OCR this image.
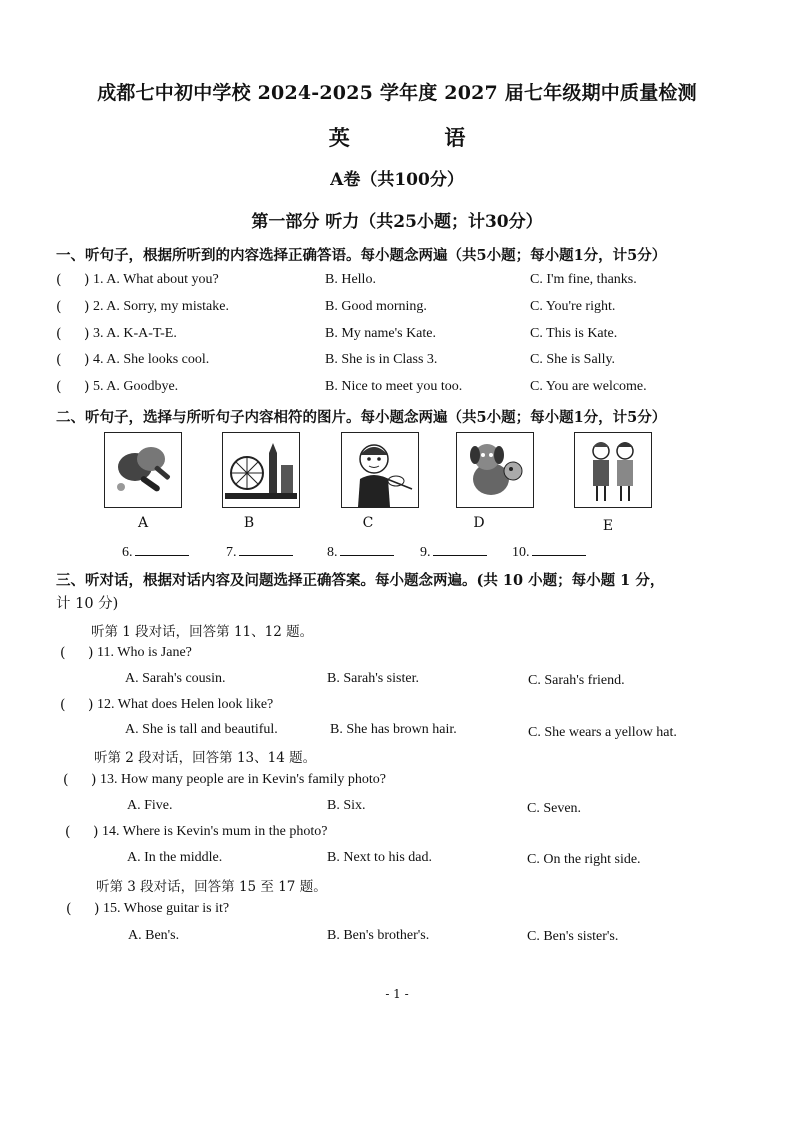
成都七中初中学校 2024-2025 学年度 2027 届七年级期中质量检测
英	语
A卷（共100分）
第一部分 听力（共25小题；计30分）
一、听句子，根据所听到的内容选择正确答语。每小题念两遍（共5小题；每小题1分，计5分）
( ) 1. A. What about you?	B. Hello.	C. I'm fine, thanks.
( ) 2. A. Sorry, my mistake.	B. Good morning.	C. You're right.
( ) 3. A. K-A-T-E.	B. My name's Kate.	C. This is Kate.
( ) 4. A. She looks cool.	B. She is in Class 3.	C. She is Sally.
( ) 5. A. Goodbye.	B. Nice to meet you too.	C. You are welcome.
二、听句子，选择与所听句子内容相符的图片。每小题念两遍（共5小题；每小题1分，计5分）
A	B	C	D	E
6.	7.	8.	9.	10.
三、听对话，根据对话内容及问题选择正确答案。每小题念两遍。(共 10 小题；每小题 1 分，
计 10 分)
听第 1 段对话，回答第 11、12 题。
( ) 11. Who is Jane?
A. Sarah's cousin.	B. Sarah's sister.	C. Sarah's friend.
( ) 12. What does Helen look like?
A. She is tall and beautiful.	B. She has brown hair.	C. She wears a yellow hat.
听第 2 段对话，回答第 13、14 题。
( ) 13. How many people are in Kevin's family photo?
A. Five.	B. Six.	C. Seven.
( ) 14. Where is Kevin's mum in the photo?
A. In the middle.	B. Next to his dad.	C. On the right side.
听第 3 段对话，回答第 15 至 17 题。
( ) 15. Whose guitar is it?
A. Ben's.	B. Ben's brother's.	C. Ben's sister's.
- 1 -
